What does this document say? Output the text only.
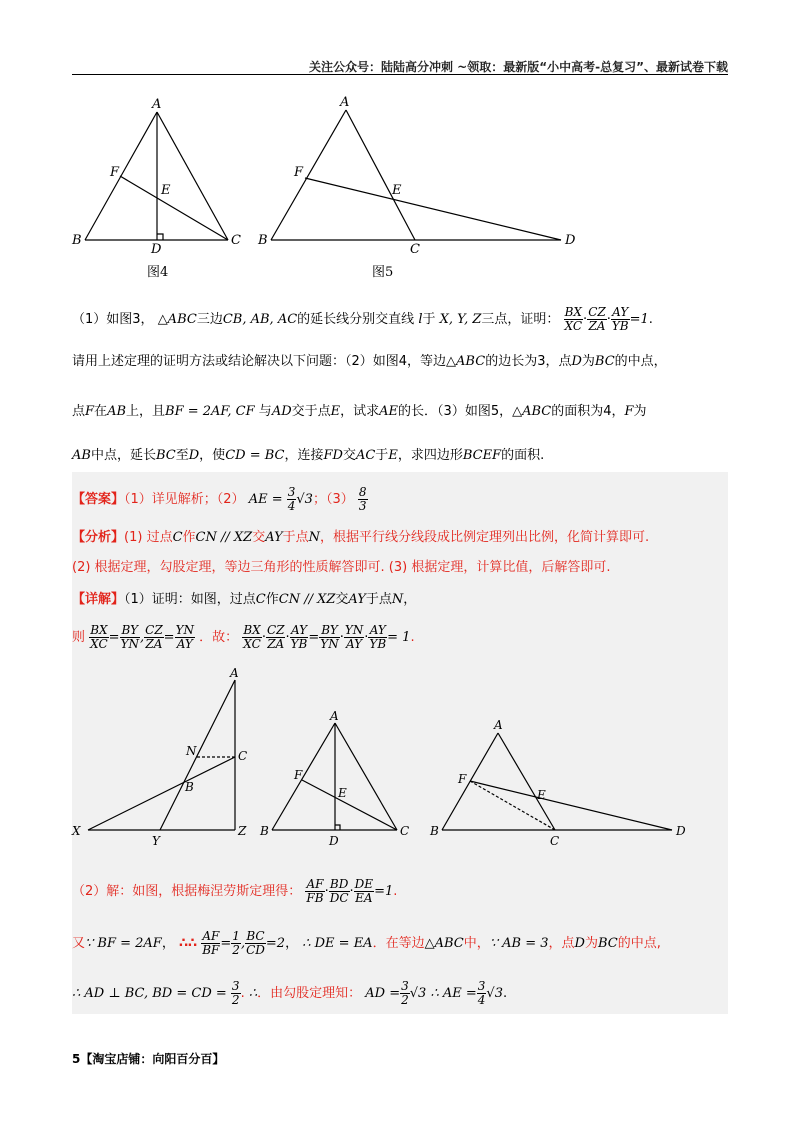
关注公众号：陆陆高分冲刺 ~领取：最新版“小中高考-总复习”、最新试卷下载
A
F
E
B
D
C
图4
A
F
E
B
C
D
图5
（1）如图3， △ABC三边CB, AB, AC的延长线分别交直线 l于 X, Y, Z三点，证明： $\frac{BX}{XC} \cdot \frac{CZ}{ZA} \cdot \frac{AY}{YB} =1$.
请用上述定理的证明方法或结论解决以下问题：（2）如图4，等边△ABC的边长为3，点D为BC的中点，
点F在AB上，且BF = 2AF, CF 与AD交于点E，试求AE的长．（3）如图5，△ABC的面积为4，F为
AB中点，延长BC至D，使CD = BC，连接FD交AC于E，求四边形BCEF的面积.
【答案】（1）详见解析；（2） AE = $\frac{3}{4} √3$；$(3) \frac{8}{3}$
【分析】(1) 过点C作CN // XZ交AY于点N，根据平行线分线段成比例定理列出比例，化简计算即可.
(2) 根据定理，勾股定理，等边三角形的性质解答即可. (3) 根据定理，计算比值，后解答即可.
【详解】（1）证明：如图，过点C作CN // XZ交AY于点N，
则 $\frac{BX}{XC} = \frac{BY}{YN}$ , $\frac{CZ}{ZA} = \frac{YN}{AY}$ ．故： $\frac{BX}{XC} \cdot \frac{CZ}{ZA} \cdot \frac{AY}{YB} = \frac{BY}{YN} \cdot \frac{YN}{AY} \cdot \frac{AY}{YB} = 1$.
A
N	C
B
X
Y
Z
A
F
E
B
D
C
A
F
E
B
C
D
（2）解：如图，根据梅涅劳斯定理得： $\frac{AF}{FB} \cdot \frac{BD}{DC} \cdot \frac{DE}{EA} =1$.
又∵ BF = 2AF， ∴∴ $\frac{AF}{BF} = \frac{1}{2}$ , $\frac{BC}{CD} =2$， ∴ DE = EA．在等边△ABC中，∵ AB = 3，点D为BC的中点,
∴ AD ⊥ BC, BD = CD = $\frac{3}{2}$ . ∴．由勾股定理知： AD = $\frac{3}{2} √3$ ∴ AE = $\frac{3}{4} √3$.
5【淘宝店铺：向阳百分百】
